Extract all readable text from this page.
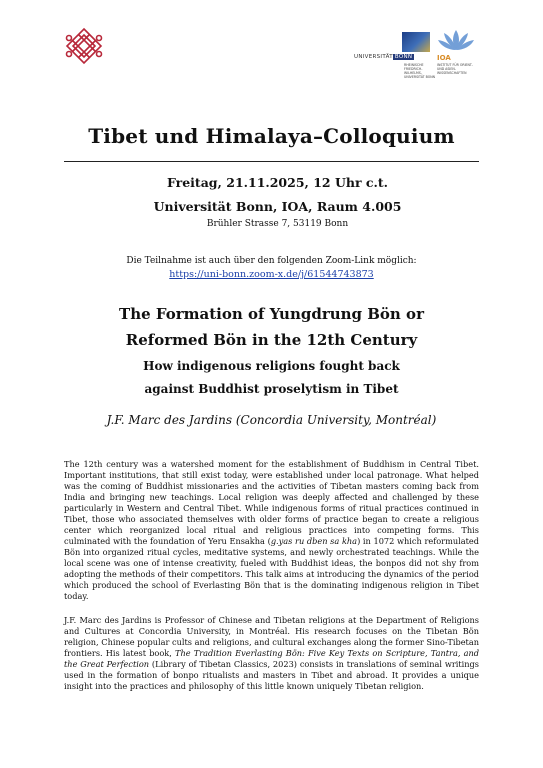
UNIVERSITÄT BONN
RHEINISCHE FRIEDRICH-WILHELMS-UNIVERSITÄT BONN
IOA
INSTITUT FÜR ORIENT- UND ASIEN-WISSENSCHAFTEN
Tibet und Himalaya–Colloquium
Freitag, 21.11.2025, 12 Uhr c.t.
Universität Bonn, IOA, Raum 4.005
Brühler Strasse 7, 53119 Bonn
Die Teilnahme ist auch über den folgenden Zoom-Link möglich:
https://uni-bonn.zoom-x.de/j/61544743873
The Formation of Yungdrung Bön or
Reformed Bön in the 12th Century
How indigenous religions fought back
against Buddhist proselytism in Tibet
J.F. Marc des Jardins (Concordia University, Montréal)

The 12th century was a watershed moment for the establishment of Buddhism in Central Tibet. Important institutions, that still exist today, were established under local patronage. What helped was the coming of Buddhist missionaries and the activities of Tibetan masters coming back from India and bringing new teachings. Local religion was deeply affected and challenged by these particularly in Western and Central Tibet. While indigenous forms of ritual practices continued in Tibet, those who associated themselves with older forms of practice began to create a religious center which reorganized local ritual and religious practices into competing forms. This culminated with the foundation of Yeru Ensakha (g.yas ru dben sa kha) in 1072 which reformulated Bön into organized ritual cycles, meditative systems, and newly orchestrated teachings. While the local scene was one of intense creativity, fueled with Buddhist ideas, the bonpos did not shy from adopting the methods of their competitors. This talk aims at introducing the dynamics of the period which produced the school of Everlasting Bön that is the dominating indigenous religion in Tibet today.

J.F. Marc des Jardins is Professor of Chinese and Tibetan religions at the Department of Religions and Cultures at Concordia University, in Montréal. His research focuses on the Tibetan Bön religion, Chinese popular cults and religions, and cultural exchanges along the former Sino-Tibetan frontiers. His latest book, The Tradition Everlasting Bön: Five Key Texts on Scripture, Tantra, and the Great Perfection (Library of Tibetan Classics, 2023) consists in translations of seminal writings used in the formation of bonpo ritualists and masters in Tibet and abroad. It provides a unique insight into the practices and philosophy of this little known uniquely Tibetan religion.
